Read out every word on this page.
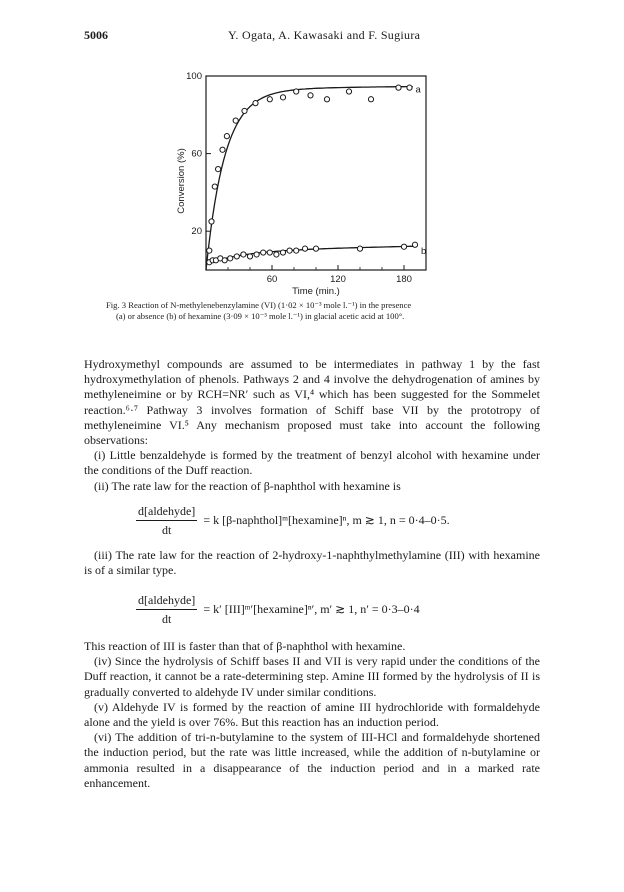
5006	Y. Ogata, A. Kawasaki and F. Sugiura
60	120	180
20
60
100
Time (min.)
Conversion (%)
a
b
Fig. 3 Reaction of N-methylenebenzylamine (VI) (1·02 × 10⁻³ mole l.⁻¹) in the presence
(a) or absence (b) of hexamine (3·09 × 10⁻³ mole l.⁻¹) in glacial acetic acid at 100°.

Hydroxymethyl compounds are assumed to be intermediates in pathway 1 by the fast hydroxymethylation of phenols. Pathways 2 and 4 involve the dehydrogenation of amines by methyleneimine or by RCH=NR′ such as VI,⁴ which has been suggested for the Sommelet reaction.⁶·⁷ Pathway 3 involves formation of Schiff base VII by the prototropy of methyleneimine VI.⁵ Any mechanism proposed must take into account the following observations:

(i) Little benzaldehyde is formed by the treatment of benzyl alcohol with hexamine under the conditions of the Duff reaction.

(ii) The rate law for the reaction of β-naphthol with hexamine is

$\frac{\text{d[aldehyde]}}{dt} = k$ [β-naphthol]ᵐ[hexamine]ⁿ, m ≳ 1, n = 0·4–0·5.

(iii) The rate law for the reaction of 2-hydroxy-1-naphthylmethylamine (III) with hexamine is of a similar type.

$\frac{\text{d[aldehyde]}}{dt} = k'$ [III]ᵐ′[hexamine]ⁿ′, m′ ≳ 1, n′ = 0·3–0·4

This reaction of III is faster than that of β-naphthol with hexamine.

(iv) Since the hydrolysis of Schiff bases II and VII is very rapid under the conditions of the Duff reaction, it cannot be a rate-determining step. Amine III formed by the hydrolysis of II is gradually converted to aldehyde IV under similar conditions.

(v) Aldehyde IV is formed by the reaction of amine III hydrochloride with formaldehyde alone and the yield is over 76%. But this reaction has an induction period.

(vi) The addition of tri-n-butylamine to the system of III-HCl and formaldehyde shortened the induction period, but the rate was little increased, while the addition of n-butylamine or ammonia resulted in a disappearance of the induction period and in a marked rate enhancement.
